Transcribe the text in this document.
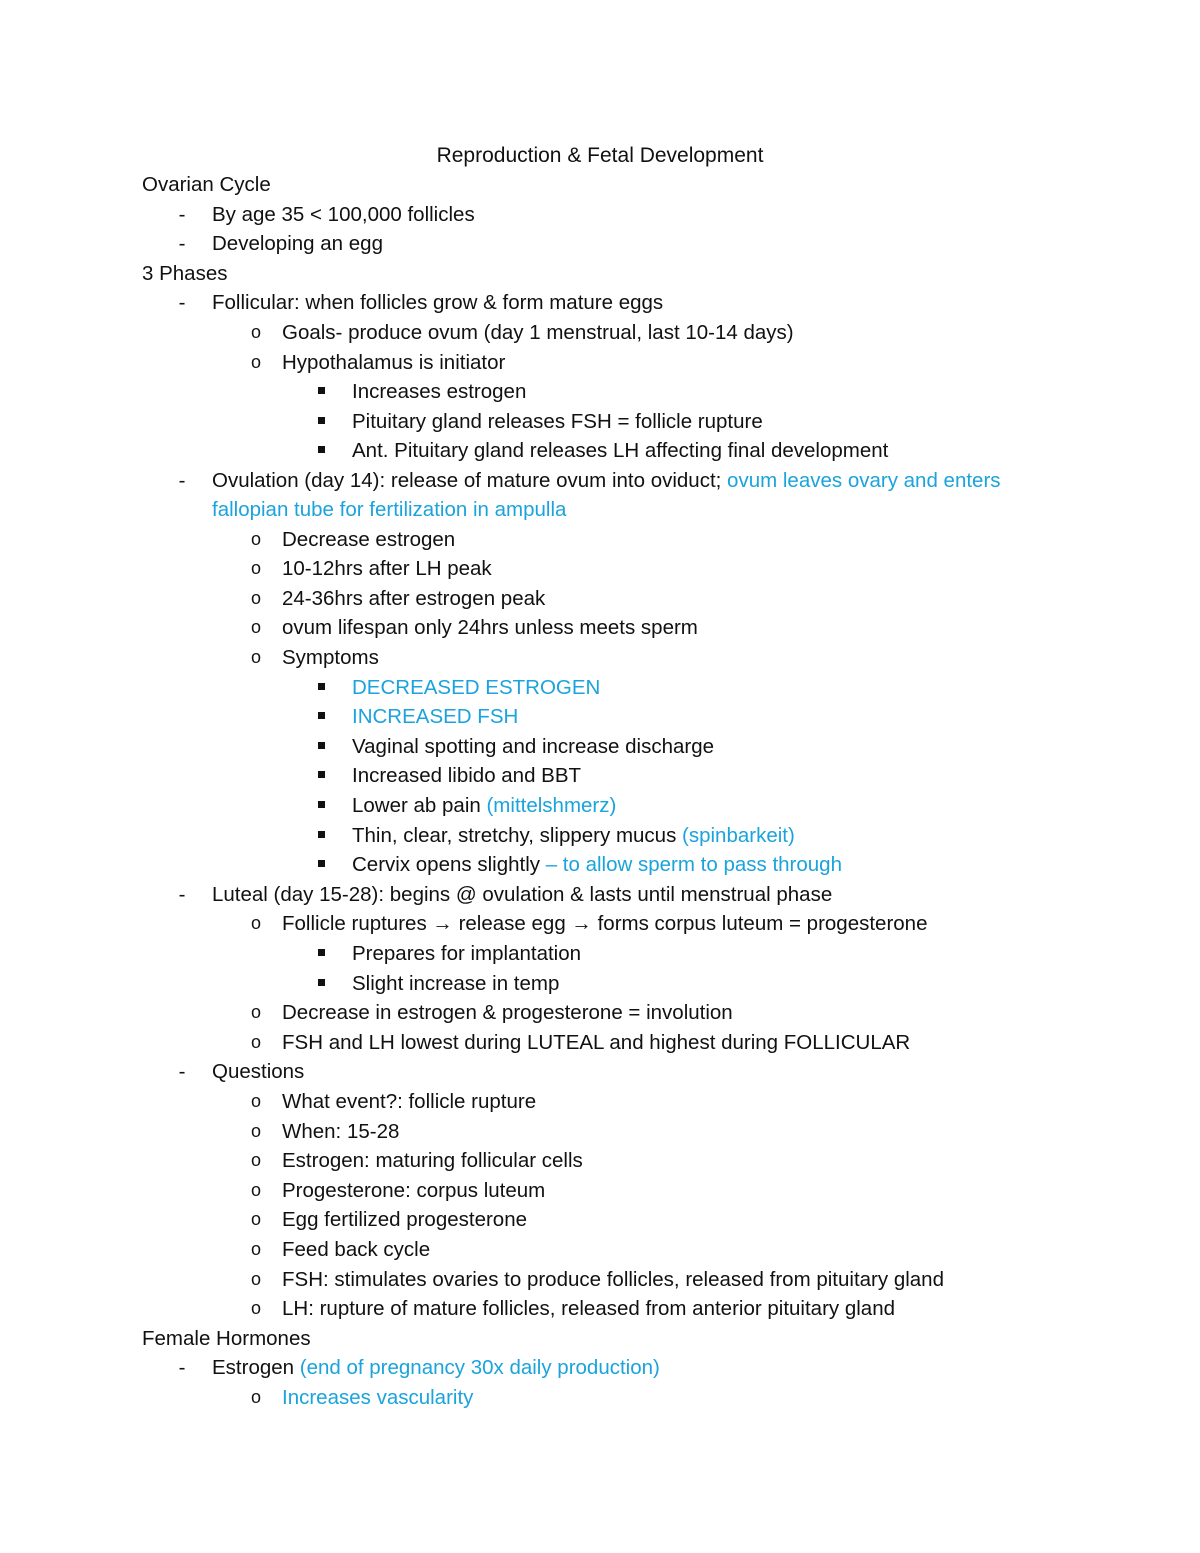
Reproduction & Fetal Development
Ovarian Cycle
- By age 35 < 100,000 follicles
- Developing an egg
3 Phases
- Follicular: when follicles grow & form mature eggs
o Goals- produce ovum (day 1 menstrual, last 10-14 days)
o Hypothalamus is initiator
Increases estrogen
Pituitary gland releases FSH = follicle rupture
Ant. Pituitary gland releases LH affecting final development
- Ovulation (day 14): release of mature ovum into oviduct; ovum leaves ovary and enters fallopian tube for fertilization in ampulla
o Decrease estrogen
o 10-12hrs after LH peak
o 24-36hrs after estrogen peak
o ovum lifespan only 24hrs unless meets sperm
o Symptoms
DECREASED ESTROGEN
INCREASED FSH
Vaginal spotting and increase discharge
Increased libido and BBT
Lower ab pain (mittelshmerz)
Thin, clear, stretchy, slippery mucus (spinbarkeit)
Cervix opens slightly – to allow sperm to pass through
- Luteal (day 15-28): begins @ ovulation & lasts until menstrual phase
o Follicle ruptures → release egg → forms corpus luteum = progesterone
Prepares for implantation
Slight increase in temp
o Decrease in estrogen & progesterone = involution
o FSH and LH lowest during LUTEAL and highest during FOLLICULAR
- Questions
o What event?: follicle rupture
o When: 15-28
o Estrogen: maturing follicular cells
o Progesterone: corpus luteum
o Egg fertilized progesterone
o Feed back cycle
o FSH: stimulates ovaries to produce follicles, released from pituitary gland
o LH: rupture of mature follicles, released from anterior pituitary gland
Female Hormones
- Estrogen (end of pregnancy 30x daily production)
o Increases vascularity
